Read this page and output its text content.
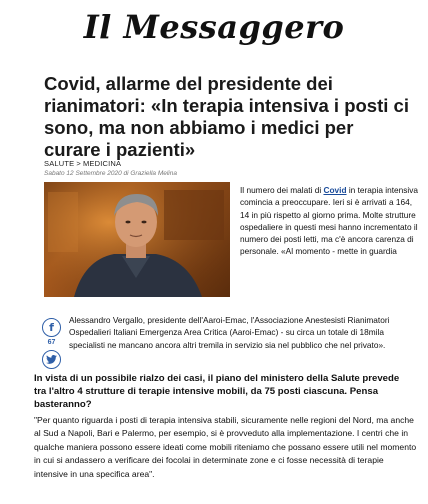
Il Messaggero
Covid, allarme del presidente dei rianimatori: «In terapia intensiva i posti ci sono, ma non abbiamo i medici per curare i pazienti»
SALUTE > MEDICINA
Sabato 12 Settembre 2020 di Graziella Melina
Il numero dei malati di Covid in terapia intensiva comincia a preoccupare. Ieri si è arrivati a 164, 14 in più rispetto al giorno prima. Molte strutture ospedaliere in questi mesi hanno incrementato il numero dei posti letti, ma c'è ancora carenza di personale. «Al momento - mette in guardia
f
67
Alessandro Vergallo, presidente dell'Aaroi-Emac, l'Associazione Anestesisti Rianimatori Ospedalieri Italiani Emergenza Area Critica (Aaroi-Emac) - su circa un totale di 18mila specialisti ne mancano ancora altri tremila in servizio sia nel pubblico che nel privato».

In vista di un possibile rialzo dei casi, il piano del ministero della Salute prevede tra l'altro 4 strutture di terapie intensive mobili, da 75 posti ciascuna. Pensa basteranno?

"Per quanto riguarda i posti di terapia intensiva stabili, sicuramente nelle regioni del Nord, ma anche al Sud a Napoli, Bari e Palermo, per esempio, si è provveduto alla implementazione. I centri che in qualche maniera possono essere ideati come mobili riteniamo che possano essere utili nel momento in cui si andassero a verificare dei focolai in determinate zone e ci fosse necessità di terapie intensive in una specifica area".
